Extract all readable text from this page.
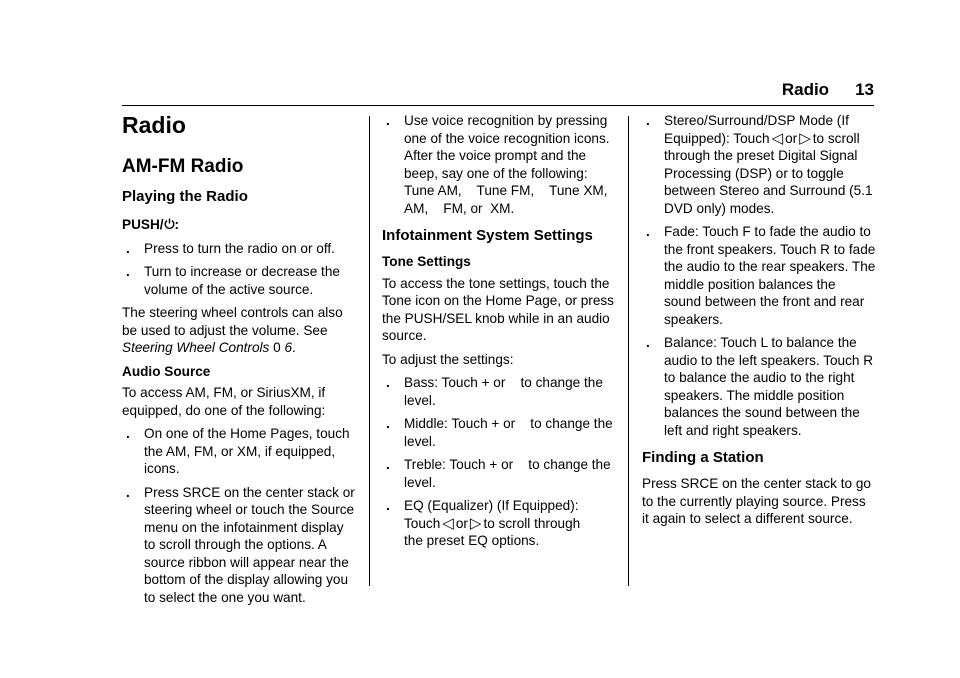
Radio 13
Radio
AM-FM Radio
Playing the Radio
PUSH/ :
. Press to turn the radio on or off.
. Turn to increase or decrease the volume of the active source.

The steering wheel controls can also be used to adjust the volume. See Steering Wheel Controls 0 6.

Audio Source

To access AM, FM, or SiriusXM, if equipped, do one of the following:

. On one of the Home Pages, touch the AM, FM, or XM, if equipped, icons.
. Press SRCE on the center stack or steering wheel or touch the Source menu on the infotainment display to scroll through the options. A source ribbon will appear near the bottom of the display allowing you to select the one you want.
. Use voice recognition by pressing one of the voice recognition icons. After the voice prompt and the beep, say one of the following:  Tune AM,    Tune FM,    Tune XM,    AM,    FM, or  XM.
Infotainment System Settings
Tone Settings

To access the tone settings, touch the Tone icon on the Home Page, or press the PUSH/SEL knob while in an audio source.

To adjust the settings:

. Bass: Touch + or    to change the level.
. Middle: Touch + or    to change the level.
. Treble: Touch + or    to change the level.
. EQ (Equalizer) (If Equipped):
Touch ◁ or ▷ to scroll through
the preset EQ options.
. Stereo/Surround/DSP Mode (If
Equipped): Touch ◁ or ▷ to scroll through the preset Digital Signal Processing (DSP) or to toggle between Stereo and Surround (5.1 DVD only) modes.
. Fade: Touch F to fade the audio to the front speakers. Touch R to fade the audio to the rear speakers. The middle position balances the sound between the front and rear speakers.
. Balance: Touch L to balance the audio to the left speakers. Touch R to balance the audio to the right speakers. The middle position balances the sound between the left and right speakers.
Finding a Station

Press SRCE on the center stack to go to the currently playing source. Press it again to select a different source.
